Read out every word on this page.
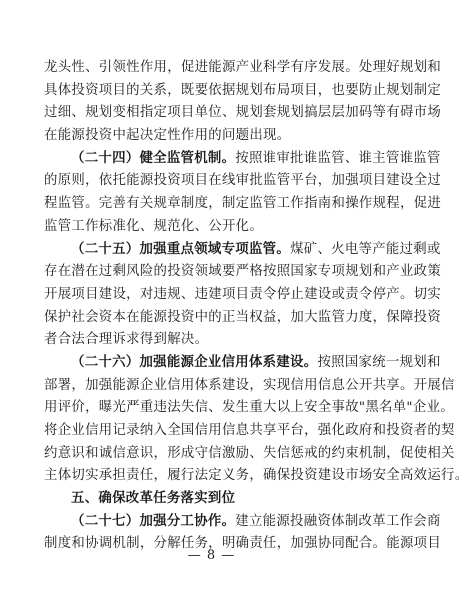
龙头性、引领性作用，促进能源产业科学有序发展。处理好规划和
具体投资项目的关系，既要依据规划布局项目，也要防止规划制定
过细、规划变相指定项目单位、规划套规划搞层层加码等有碍市场
在能源投资中起决定性作用的问题出现。
（二十四）健全监管机制。按照谁审批谁监管、谁主管谁监管
的原则，依托能源投资项目在线审批监管平台，加强项目建设全过
程监管。完善有关规章制度，制定监管工作指南和操作规程，促进
监管工作标准化、规范化、公开化。
（二十五）加强重点领域专项监管。煤矿、火电等产能过剩或
存在潜在过剩风险的投资领域要严格按照国家专项规划和产业政策
开展项目建设，对违规、违建项目责令停止建设或责令停产。切实
保护社会资本在能源投资中的正当权益，加大监管力度，保障投资
者合法合理诉求得到解决。
（二十六）加强能源企业信用体系建设。按照国家统一规划和
部署，加强能源企业信用体系建设，实现信用信息公开共享。开展信
用评价，曝光严重违法失信、发生重大以上安全事故"黑名单"企业。
将企业信用记录纳入全国信用信息共享平台，强化政府和投资者的契
约意识和诚信意识，形成守信激励、失信惩戒的约束机制，促使相关
主体切实承担责任，履行法定义务，确保投资建设市场安全高效运行。
五、确保改革任务落实到位
（二十七）加强分工协作。建立能源投融资体制改革工作会商
制度和协调机制，分解任务，明确责任，加强协同配合。能源项目
— 8 —
